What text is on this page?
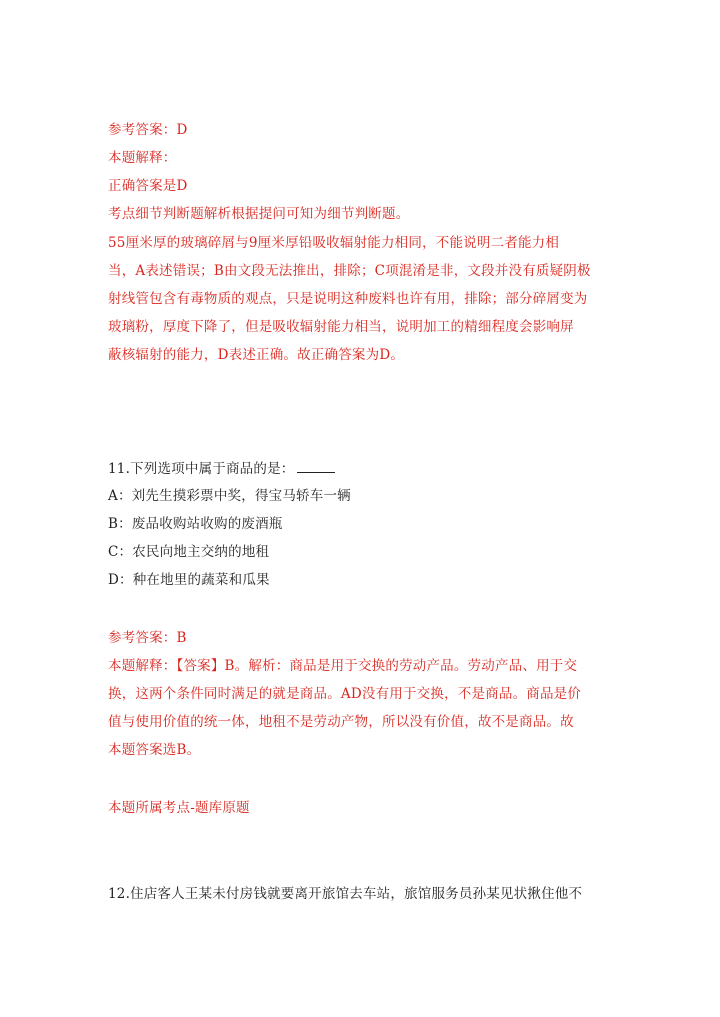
参考答案：D
本题解释：
正确答案是D
考点细节判断题解析根据提问可知为细节判断题。
55厘米厚的玻璃碎屑与9厘米厚铅吸收辐射能力相同，不能说明二者能力相
当，A表述错误；B由文段无法推出，排除；C项混淆是非，文段并没有质疑阴极
射线管包含有毒物质的观点，只是说明这种废料也许有用，排除；部分碎屑变为
玻璃粉，厚度下降了，但是吸收辐射能力相当，说明加工的精细程度会影响屏
蔽核辐射的能力，D表述正确。故正确答案为D。
11.下列选项中属于商品的是：
A：刘先生摸彩票中奖，得宝马轿车一辆
B：废品收购站收购的废酒瓶
C：农民向地主交纳的地租
D：种在地里的蔬菜和瓜果
参考答案：B
本题解释：【答案】B。解析：商品是用于交换的劳动产品。劳动产品、用于交
换，这两个条件同时满足的就是商品。AD没有用于交换，不是商品。商品是价
值与使用价值的统一体，地租不是劳动产物，所以没有价值，故不是商品。故
本题答案选B。
本题所属考点-题库原题
12.住店客人王某未付房钱就要离开旅馆去车站，旅馆服务员孙某见状揪住他不
